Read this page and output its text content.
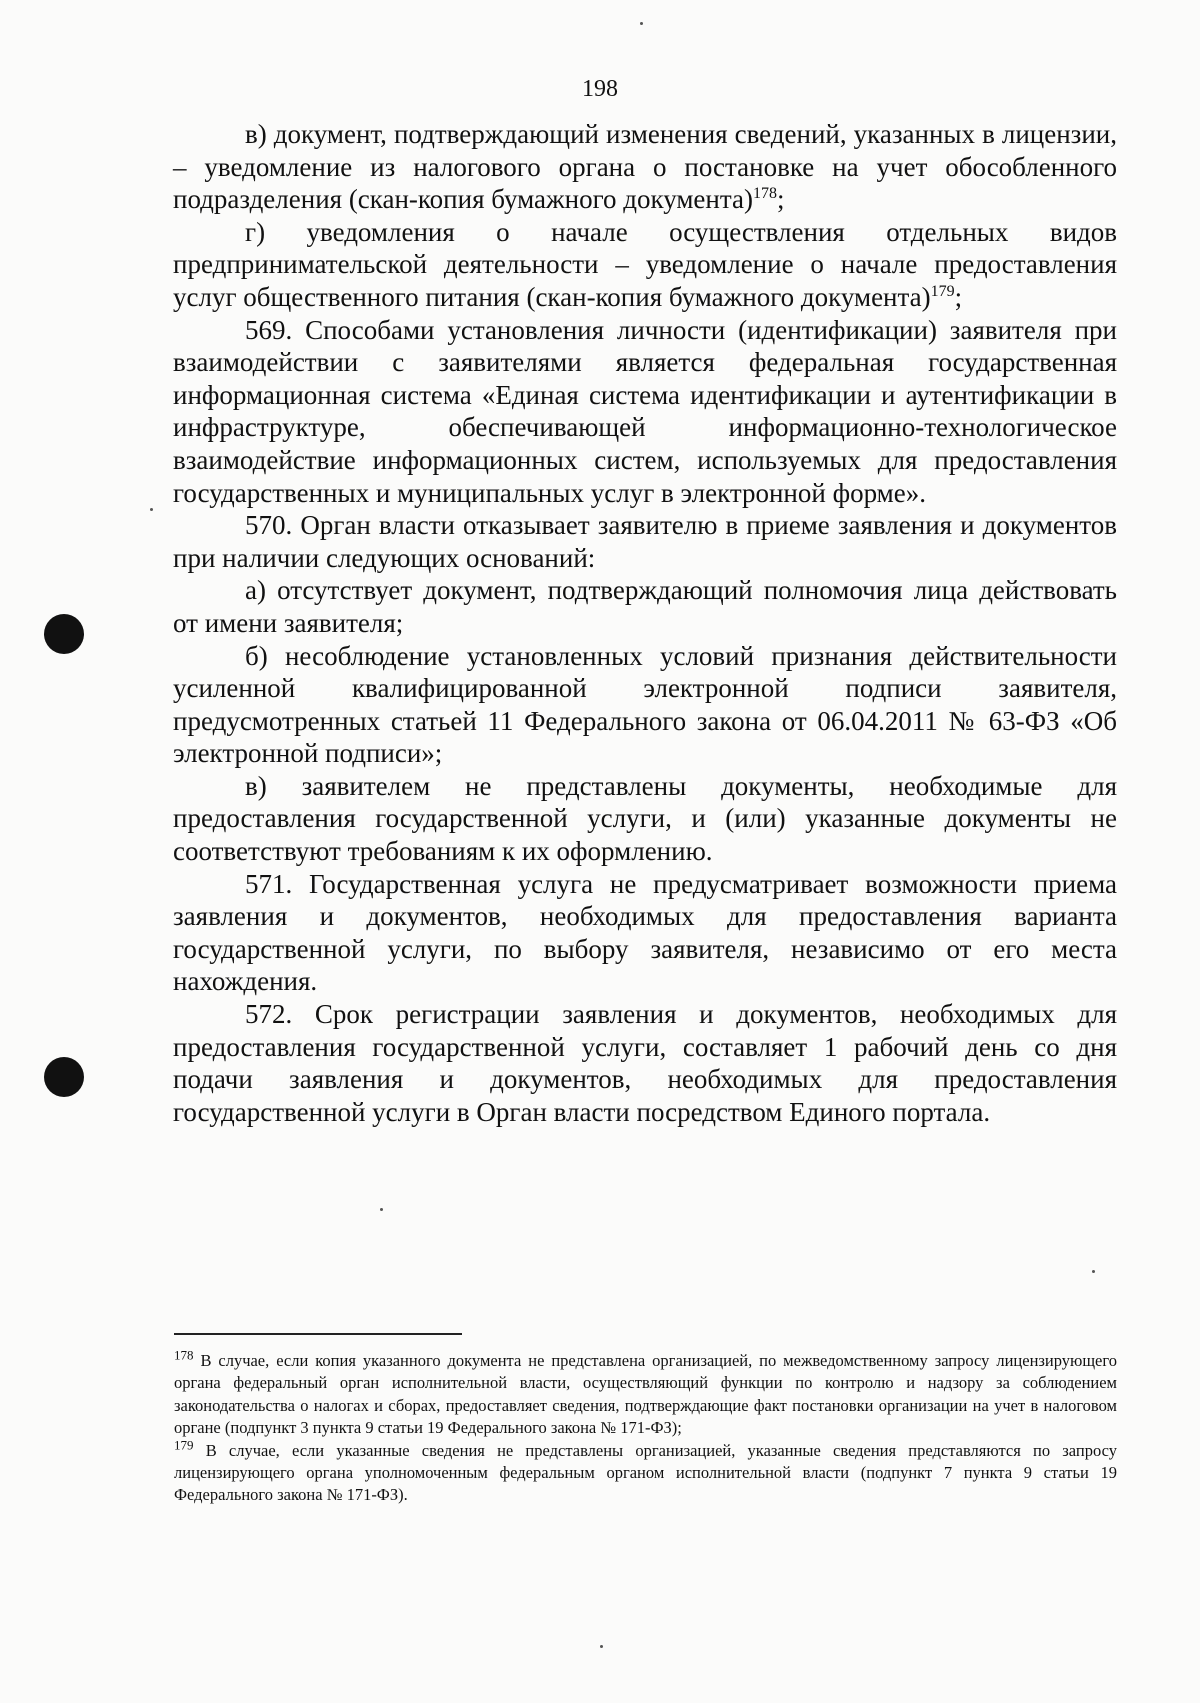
198

в) документ, подтверждающий изменения сведений, указанных в лицензии, – уведомление из налогового органа о постановке на учет обособленного подразделения (скан-копия бумажного документа)$^{178}$;

г) уведомления о начале осуществления отдельных видов предпринимательской деятельности – уведомление о начале предоставления услуг общественного питания (скан-копия бумажного документа)$^{179}$;

569. Способами установления личности (идентификации) заявителя при взаимодействии с заявителями является федеральная государственная информационная система «Единая система идентификации и аутентификации в инфраструктуре, обеспечивающей информационно-технологическое взаимодействие информационных систем, используемых для предоставления государственных и муниципальных услуг в электронной форме».

570. Орган власти отказывает заявителю в приеме заявления и документов при наличии следующих оснований:

а) отсутствует документ, подтверждающий полномочия лица действовать от имени заявителя;

б) несоблюдение установленных условий признания действительности усиленной квалифицированной электронной подписи заявителя, предусмотренных статьей 11 Федерального закона от 06.04.2011 № 63-ФЗ «Об электронной подписи»;

в) заявителем не представлены документы, необходимые для предоставления государственной услуги, и (или) указанные документы не соответствуют требованиям к их оформлению.

571. Государственная услуга не предусматривает возможности приема заявления и документов, необходимых для предоставления варианта государственной услуги, по выбору заявителя, независимо от его места нахождения.

572. Срок регистрации заявления и документов, необходимых для предоставления государственной услуги, составляет 1 рабочий день со дня подачи заявления и документов, необходимых для предоставления государственной услуги в Орган власти посредством Единого портала.

$^{178}$ В случае, если копия указанного документа не представлена организацией, по межведомственному запросу лицензирующего органа федеральный орган исполнительной власти, осуществляющий функции по контролю и надзору за соблюдением законодательства о налогах и сборах, предоставляет сведения, подтверждающие факт постановки организации на учет в налоговом органе (подпункт 3 пункта 9 статьи 19 Федерального закона № 171-ФЗ);

$^{179}$ В случае, если указанные сведения не представлены организацией, указанные сведения представляются по запросу лицензирующего органа уполномоченным федеральным органом исполнительной власти (подпункт 7 пункта 9 статьи 19 Федерального закона № 171-ФЗ).
